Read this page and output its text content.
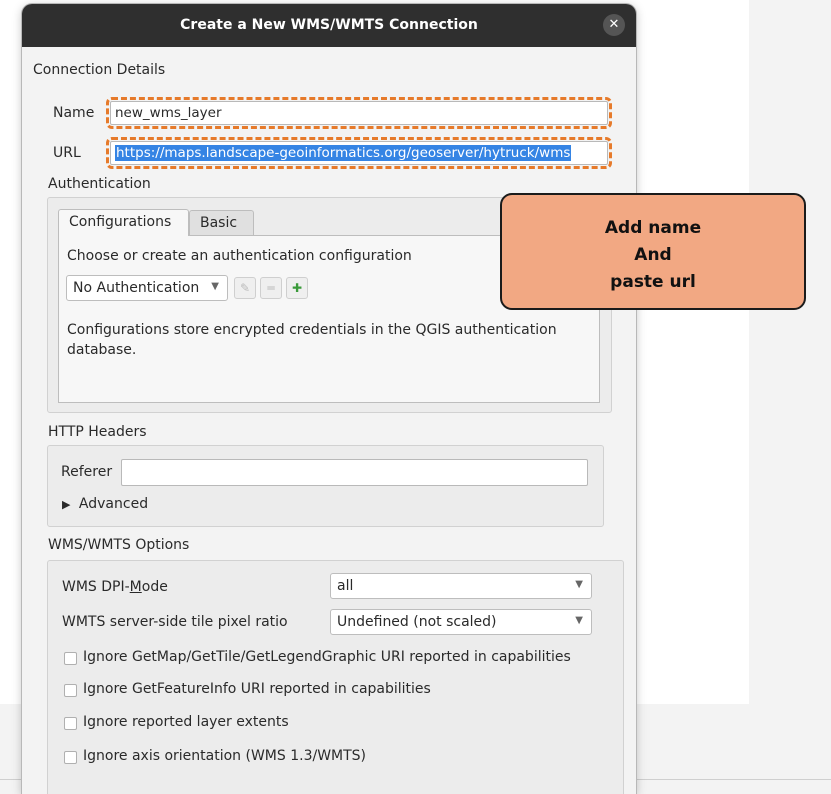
Create a New WMS/WMTS Connection	✕
Connection Details
Name	new_wms_layer
URL	https://maps.landscape-geoinformatics.org/geoserver/hytruck/wms
Authentication
Configurations	Basic
Choose or create an authentication configuration
No Authentication ▼	✎	═	✚
Configurations store encrypted credentials in the QGIS authentication database.
HTTP Headers
Referer
▶ Advanced
WMS/WMTS Options
WMS DPI-Mode	all	▼
WMTS server-side tile pixel ratio	Undefined (not scaled)	▼
Ignore GetMap/GetTile/GetLegendGraphic URI reported in capabilities
Ignore GetFeatureInfo URI reported in capabilities
Ignore reported layer extents
Ignore axis orientation (WMS 1.3/WMTS)
Add name
And
paste url
